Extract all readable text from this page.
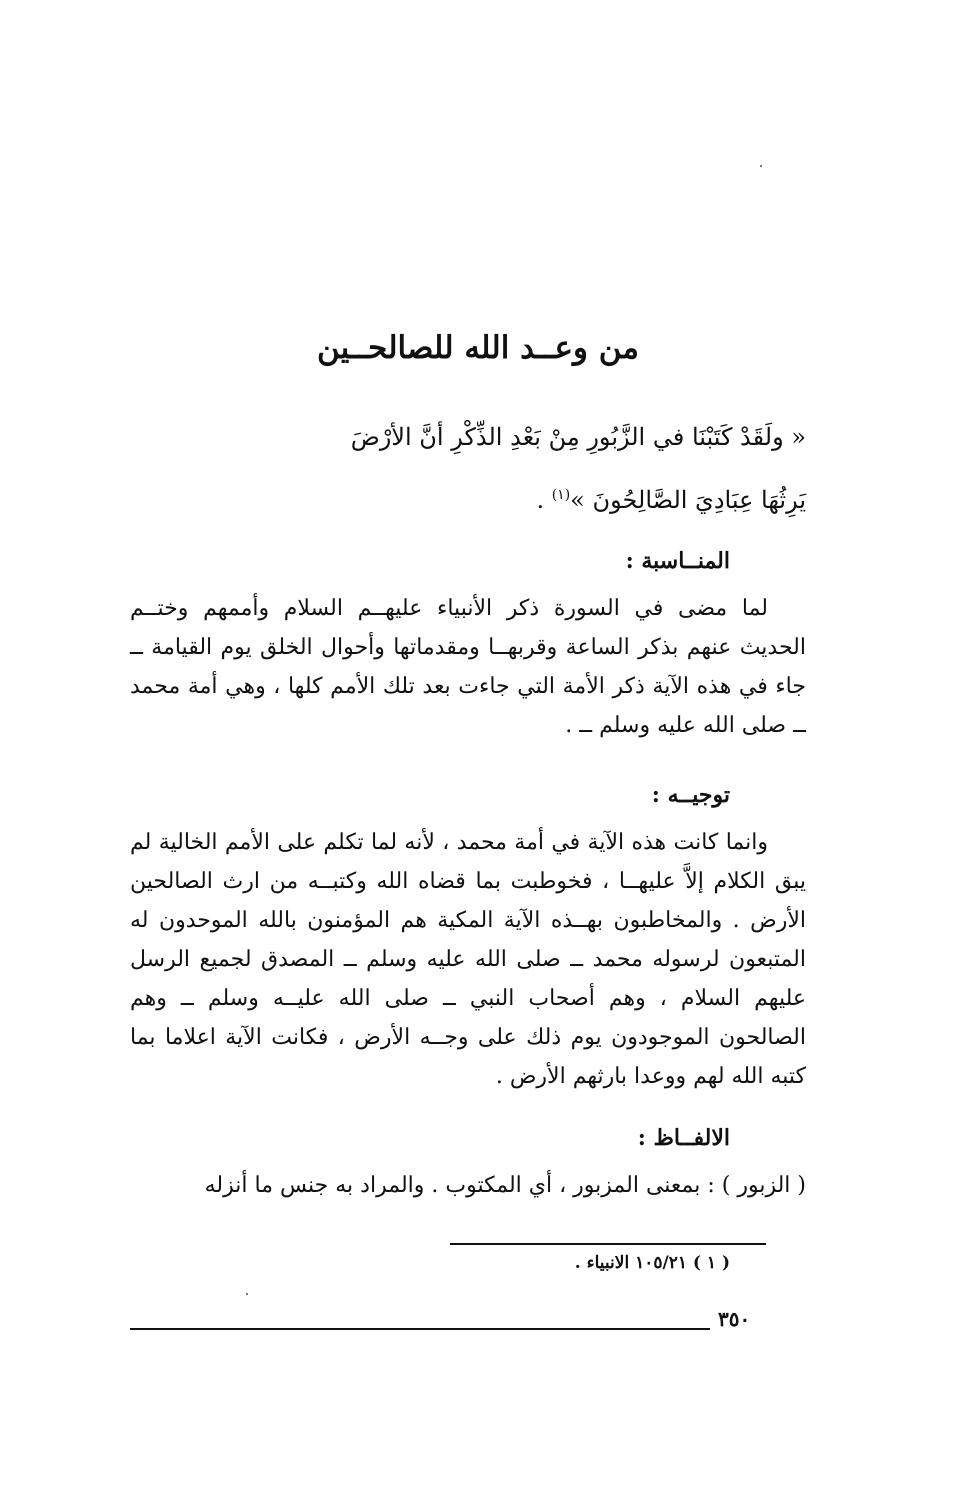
من وعــد الله للصالحــين
« ولَقَدْ كَتَبْنَا في الزَّبُورِ مِنْ بَعْدِ الذِّكْرِ أنَّ الأرْضَ
يَرِثُهَا عِبَادِيَ الصَّالِحُونَ »$^{(١)}$ .
المنــاسبة :

لما مضى في السورة ذكر الأنبياء عليهــم السلام وأممهم وختــم الحديث عنهم بذكر الساعة وقربهــا ومقدماتها وأحوال الخلق يوم القيامة ــ جاء في هذه الآية ذكر الأمة التي جاءت بعد تلك الأمم كلها ، وهي أمة محمد ــ صلى الله عليه وسلم ــ .

توجيــه :

وانما كانت هذه الآية في أمة محمد ، لأنه لما تكلم على الأمم الخالية لم يبق الكلام إلاَّ عليهــا ، فخوطبت بما قضاه الله وكتبــه من ارث الصالحين الأرض . والمخاطبون بهــذه الآية المكية هم المؤمنون بالله الموحدون له المتبعون لرسوله محمد ــ صلى الله عليه وسلم ــ المصدق لجميع الرسل عليهم السلام ، وهم أصحاب النبي ــ صلى الله عليــه وسلم ــ وهم الصالحون الموجودون يوم ذلك على وجــه الأرض ، فكانت الآية اعلاما بما كتبه الله لهم ووعدا بارثهم الأرض .

الالفــاظ :

( الزبور ) : بمعنى المزبور ، أي المكتوب . والمراد به جنس ما أنزله

( ١ ) ١٠٥/٢١ الانبياء .
٣٥٠
